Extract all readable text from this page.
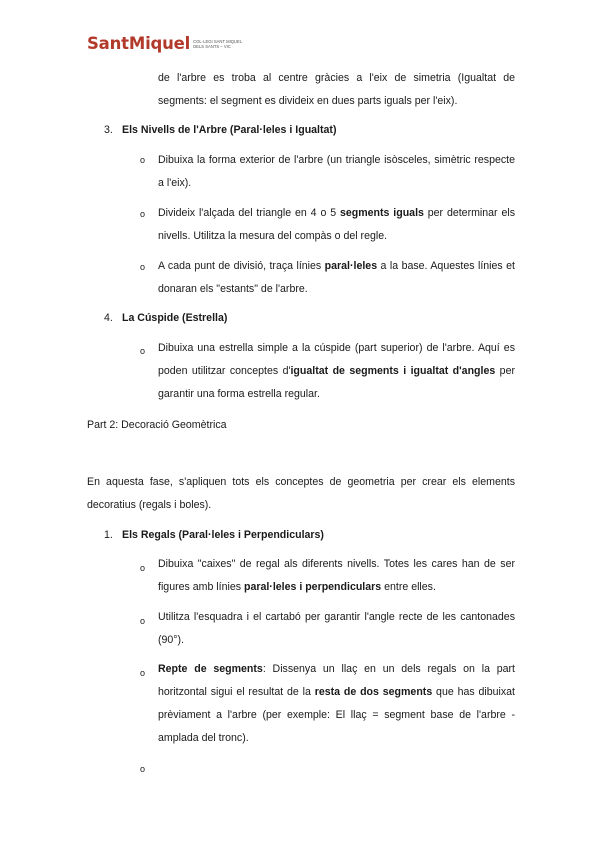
SantMiquel COL·LEGI SANT MIQUEL
DELS SANTS – VIC
de l'arbre es troba al centre gràcies a l'eix de simetria (Igualtat de segments: el segment es divideix en dues parts iguals per l'eix).
3. Els Nivells de l'Arbre (Paral·leles i Igualtat)
o Dibuixa la forma exterior de l'arbre (un triangle isòsceles, simètric respecte a l'eix).
o Divideix l'alçada del triangle en 4 o 5 segments iguals per determinar els nivells. Utilitza la mesura del compàs o del regle.
o A cada punt de divisió, traça línies paral·leles a la base. Aquestes línies et donaran els "estants" de l'arbre.
4. La Cúspide (Estrella)
o Dibuixa una estrella simple a la cúspide (part superior) de l'arbre. Aquí es poden utilitzar conceptes d'igualtat de segments i igualtat d'angles per garantir una forma estrella regular.
Part 2: Decoració Geomètrica
En aquesta fase, s'apliquen tots els conceptes de geometria per crear els elements decoratius (regals i boles).
1. Els Regals (Paral·leles i Perpendiculars)
o Dibuixa "caixes" de regal als diferents nivells. Totes les cares han de ser figures amb línies paral·leles i perpendiculars entre elles.
o Utilitza l'esquadra i el cartabó per garantir l'angle recte de les cantonades (90°).
o Repte de segments: Dissenya un llaç en un dels regals on la part horitzontal sigui el resultat de la resta de dos segments que has dibuixat prèviament a l'arbre (per exemple: El llaç = segment base de l'arbre - amplada del tronc).
o
